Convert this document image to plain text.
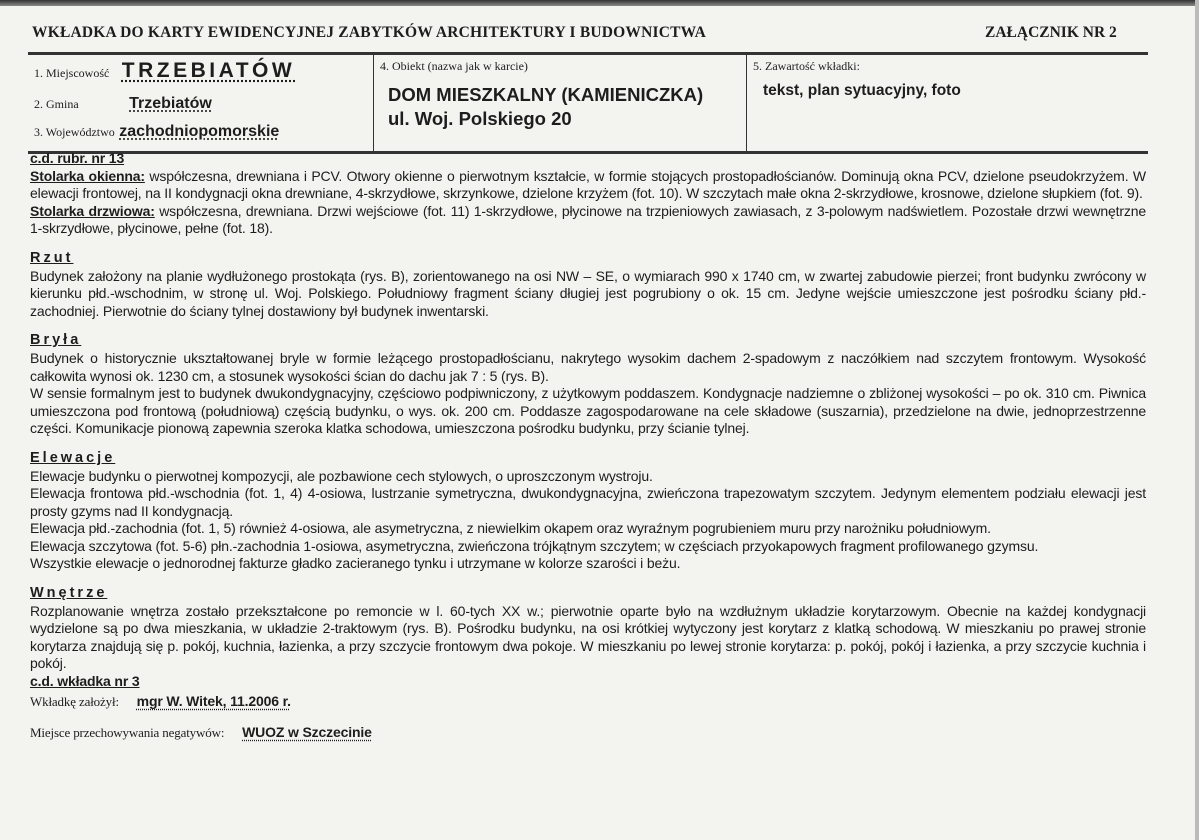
WKŁADKA DO KARTY EWIDENCYJNEJ ZABYTKÓW ARCHITEKTURY I BUDOWNICTWA	ZAŁĄCZNIK NR 2
1. Miejscowość TRZEBIATÓW
2. Gmina	Trzebiatów
3. Województwo zachodniopomorskie
4. Obiekt (nazwa jak w karcie)
DOM MIESZKALNY (KAMIENICZKA)
ul. Woj. Polskiego 20
5. Zawartość wkładki:
tekst, plan sytuacyjny, foto

c.d. rubr. nr 13

Stolarka okienna: współczesna, drewniana i PCV. Otwory okienne o pierwotnym kształcie, w formie stojących prostopadłościanów. Dominują okna PCV, dzielone pseudokrzyżem. W elewacji frontowej, na II kondygnacji okna drewniane, 4-skrzydłowe, skrzynkowe, dzielone krzyżem (fot. 10). W szczytach małe okna 2-skrzydłowe, krosnowe, dzielone słupkiem (fot. 9).

Stolarka drzwiowa: współczesna, drewniana. Drzwi wejściowe (fot. 11) 1-skrzydłowe, płycinowe na trzpieniowych zawiasach, z 3-polowym nadświetlem. Pozostałe drzwi wewnętrzne 1-skrzydłowe, płycinowe, pełne (fot. 18).

Rzut

Budynek założony na planie wydłużonego prostokąta (rys. B), zorientowanego na osi NW – SE, o wymiarach 990 x 1740 cm, w zwartej zabudowie pierzei; front budynku zwrócony w kierunku płd.-wschodnim, w stronę ul. Woj. Polskiego. Południowy fragment ściany długiej jest pogrubiony o ok. 15 cm. Jedyne wejście umieszczone jest pośrodku ściany płd.-zachodniej. Pierwotnie do ściany tylnej dostawiony był budynek inwentarski.

Bryła

Budynek o historycznie ukształtowanej bryle w formie leżącego prostopadłościanu, nakrytego wysokim dachem 2-spadowym z naczółkiem nad szczytem frontowym. Wysokość całkowita wynosi ok. 1230 cm, a stosunek wysokości ścian do dachu jak 7 : 5 (rys. B).

W sensie formalnym jest to budynek dwukondygnacyjny, częściowo podpiwniczony, z użytkowym poddaszem. Kondygnacje nadziemne o zbliżonej wysokości – po ok. 310 cm. Piwnica umieszczona pod frontową (południową) częścią budynku, o wys. ok. 200 cm. Poddasze zagospodarowane na cele składowe (suszarnia), przedzielone na dwie, jednoprzestrzenne części. Komunikacje pionową zapewnia szeroka klatka schodowa, umieszczona pośrodku budynku, przy ścianie tylnej.

Elewacje

Elewacje budynku o pierwotnej kompozycji, ale pozbawione cech stylowych, o uproszczonym wystroju.

Elewacja frontowa płd.-wschodnia (fot. 1, 4) 4-osiowa, lustrzanie symetryczna, dwukondygnacyjna, zwieńczona trapezowatym szczytem. Jedynym elementem podziału elewacji jest prosty gzyms nad II kondygnacją.

Elewacja płd.-zachodnia (fot. 1, 5) również 4-osiowa, ale asymetryczna, z niewielkim okapem oraz wyraźnym pogrubieniem muru przy narożniku południowym.

Elewacja szczytowa (fot. 5-6) płn.-zachodnia 1-osiowa, asymetryczna, zwieńczona trójkątnym szczytem; w częściach przyokapowych fragment profilowanego gzymsu.

Wszystkie elewacje o jednorodnej fakturze gładko zacieranego tynku i utrzymane w kolorze szarości i beżu.

Wnętrze

Rozplanowanie wnętrza zostało przekształcone po remoncie w l. 60-tych XX w.; pierwotnie oparte było na wzdłużnym układzie korytarzowym. Obecnie na każdej kondygnacji wydzielone są po dwa mieszkania, w układzie 2-traktowym (rys. B). Pośrodku budynku, na osi krótkiej wytyczony jest korytarz z klatką schodową. W mieszkaniu po prawej stronie korytarza znajdują się p. pokój, kuchnia, łazienka, a przy szczycie frontowym dwa pokoje. W mieszkaniu po lewej stronie korytarza: p. pokój, pokój i łazienka, a przy szczycie kuchnia i pokój.

c.d. wkładka nr 3

Wkładkę założył: mgr W. Witek, 11.2006 r.

Miejsce przechowywania negatywów: WUOZ w Szczecinie
